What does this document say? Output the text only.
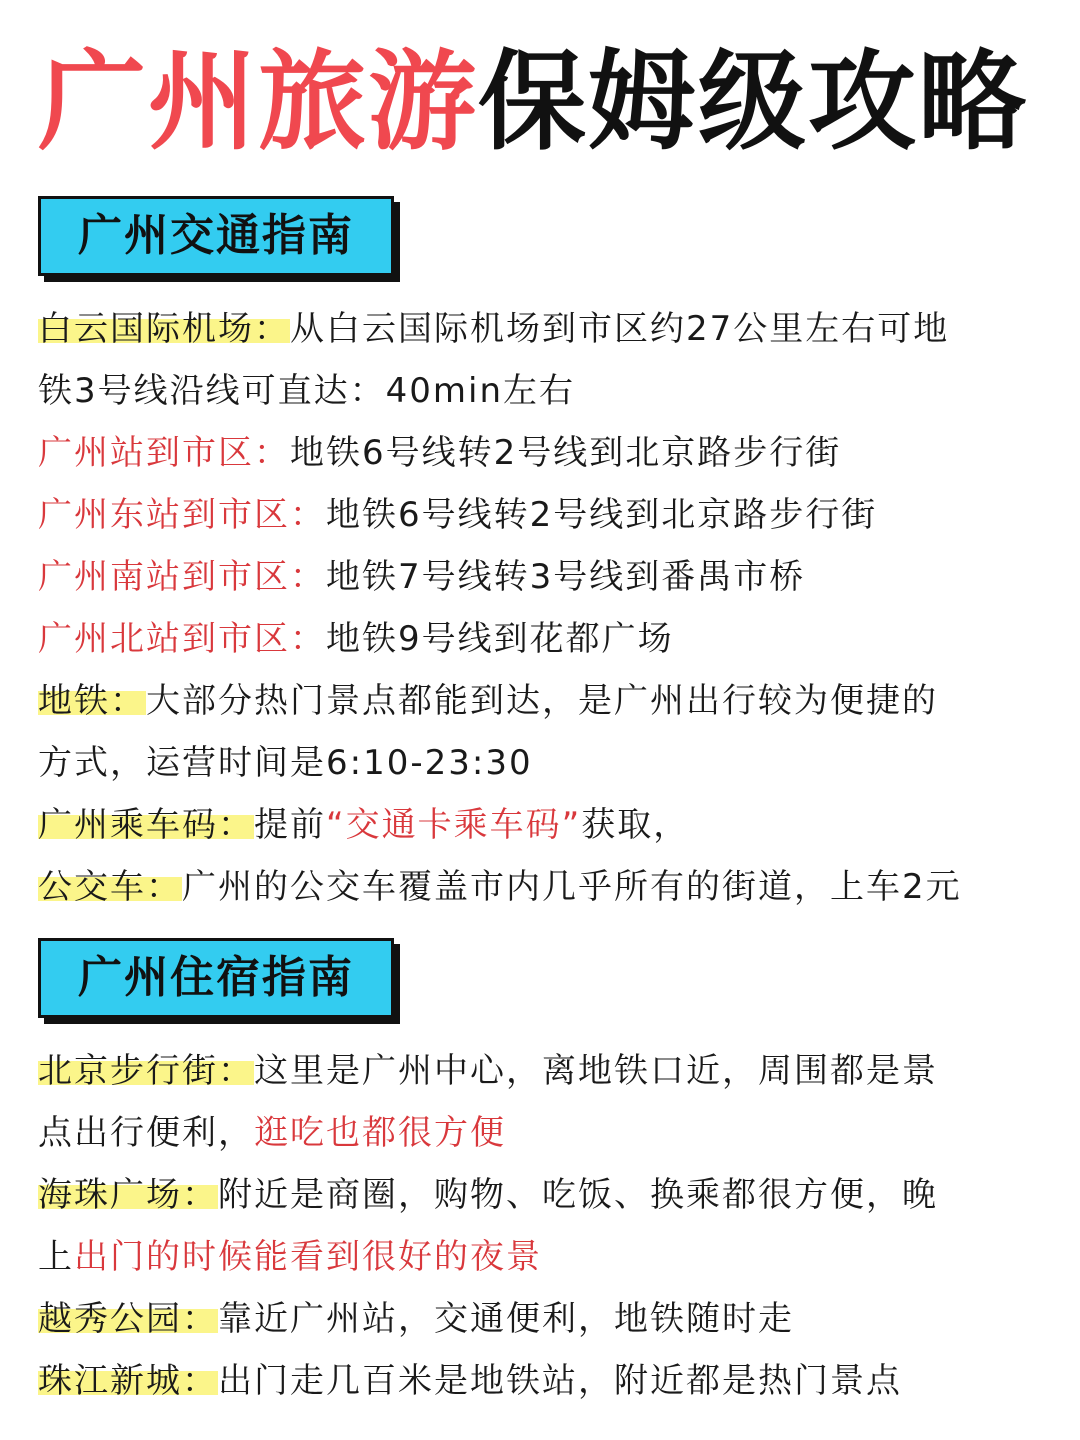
广州旅游保姆级攻略
广州交通指南

白云国际机场：从白云国际机场到市区约27公里左右可地

铁3号线沿线可直达：40min左右

广州站到市区：地铁6号线转2号线到北京路步行街

广州东站到市区：地铁6号线转2号线到北京路步行街

广州南站到市区：地铁7号线转3号线到番禺市桥

广州北站到市区：地铁9号线到花都广场

地铁：大部分热门景点都能到达，是广州出行较为便捷的

方式，运营时间是6:10-23:30

广州乘车码：提前“交通卡乘车码”获取，

公交车：广州的公交车覆盖市内几乎所有的街道，上车2元

广州住宿指南

北京步行街：这里是广州中心，离地铁口近，周围都是景

点出行便利，逛吃也都很方便

海珠广场：附近是商圈，购物、吃饭、换乘都很方便，晚

上出门的时候能看到很好的夜景

越秀公园：靠近广州站，交通便利，地铁随时走

珠江新城：出门走几百米是地铁站，附近都是热门景点
